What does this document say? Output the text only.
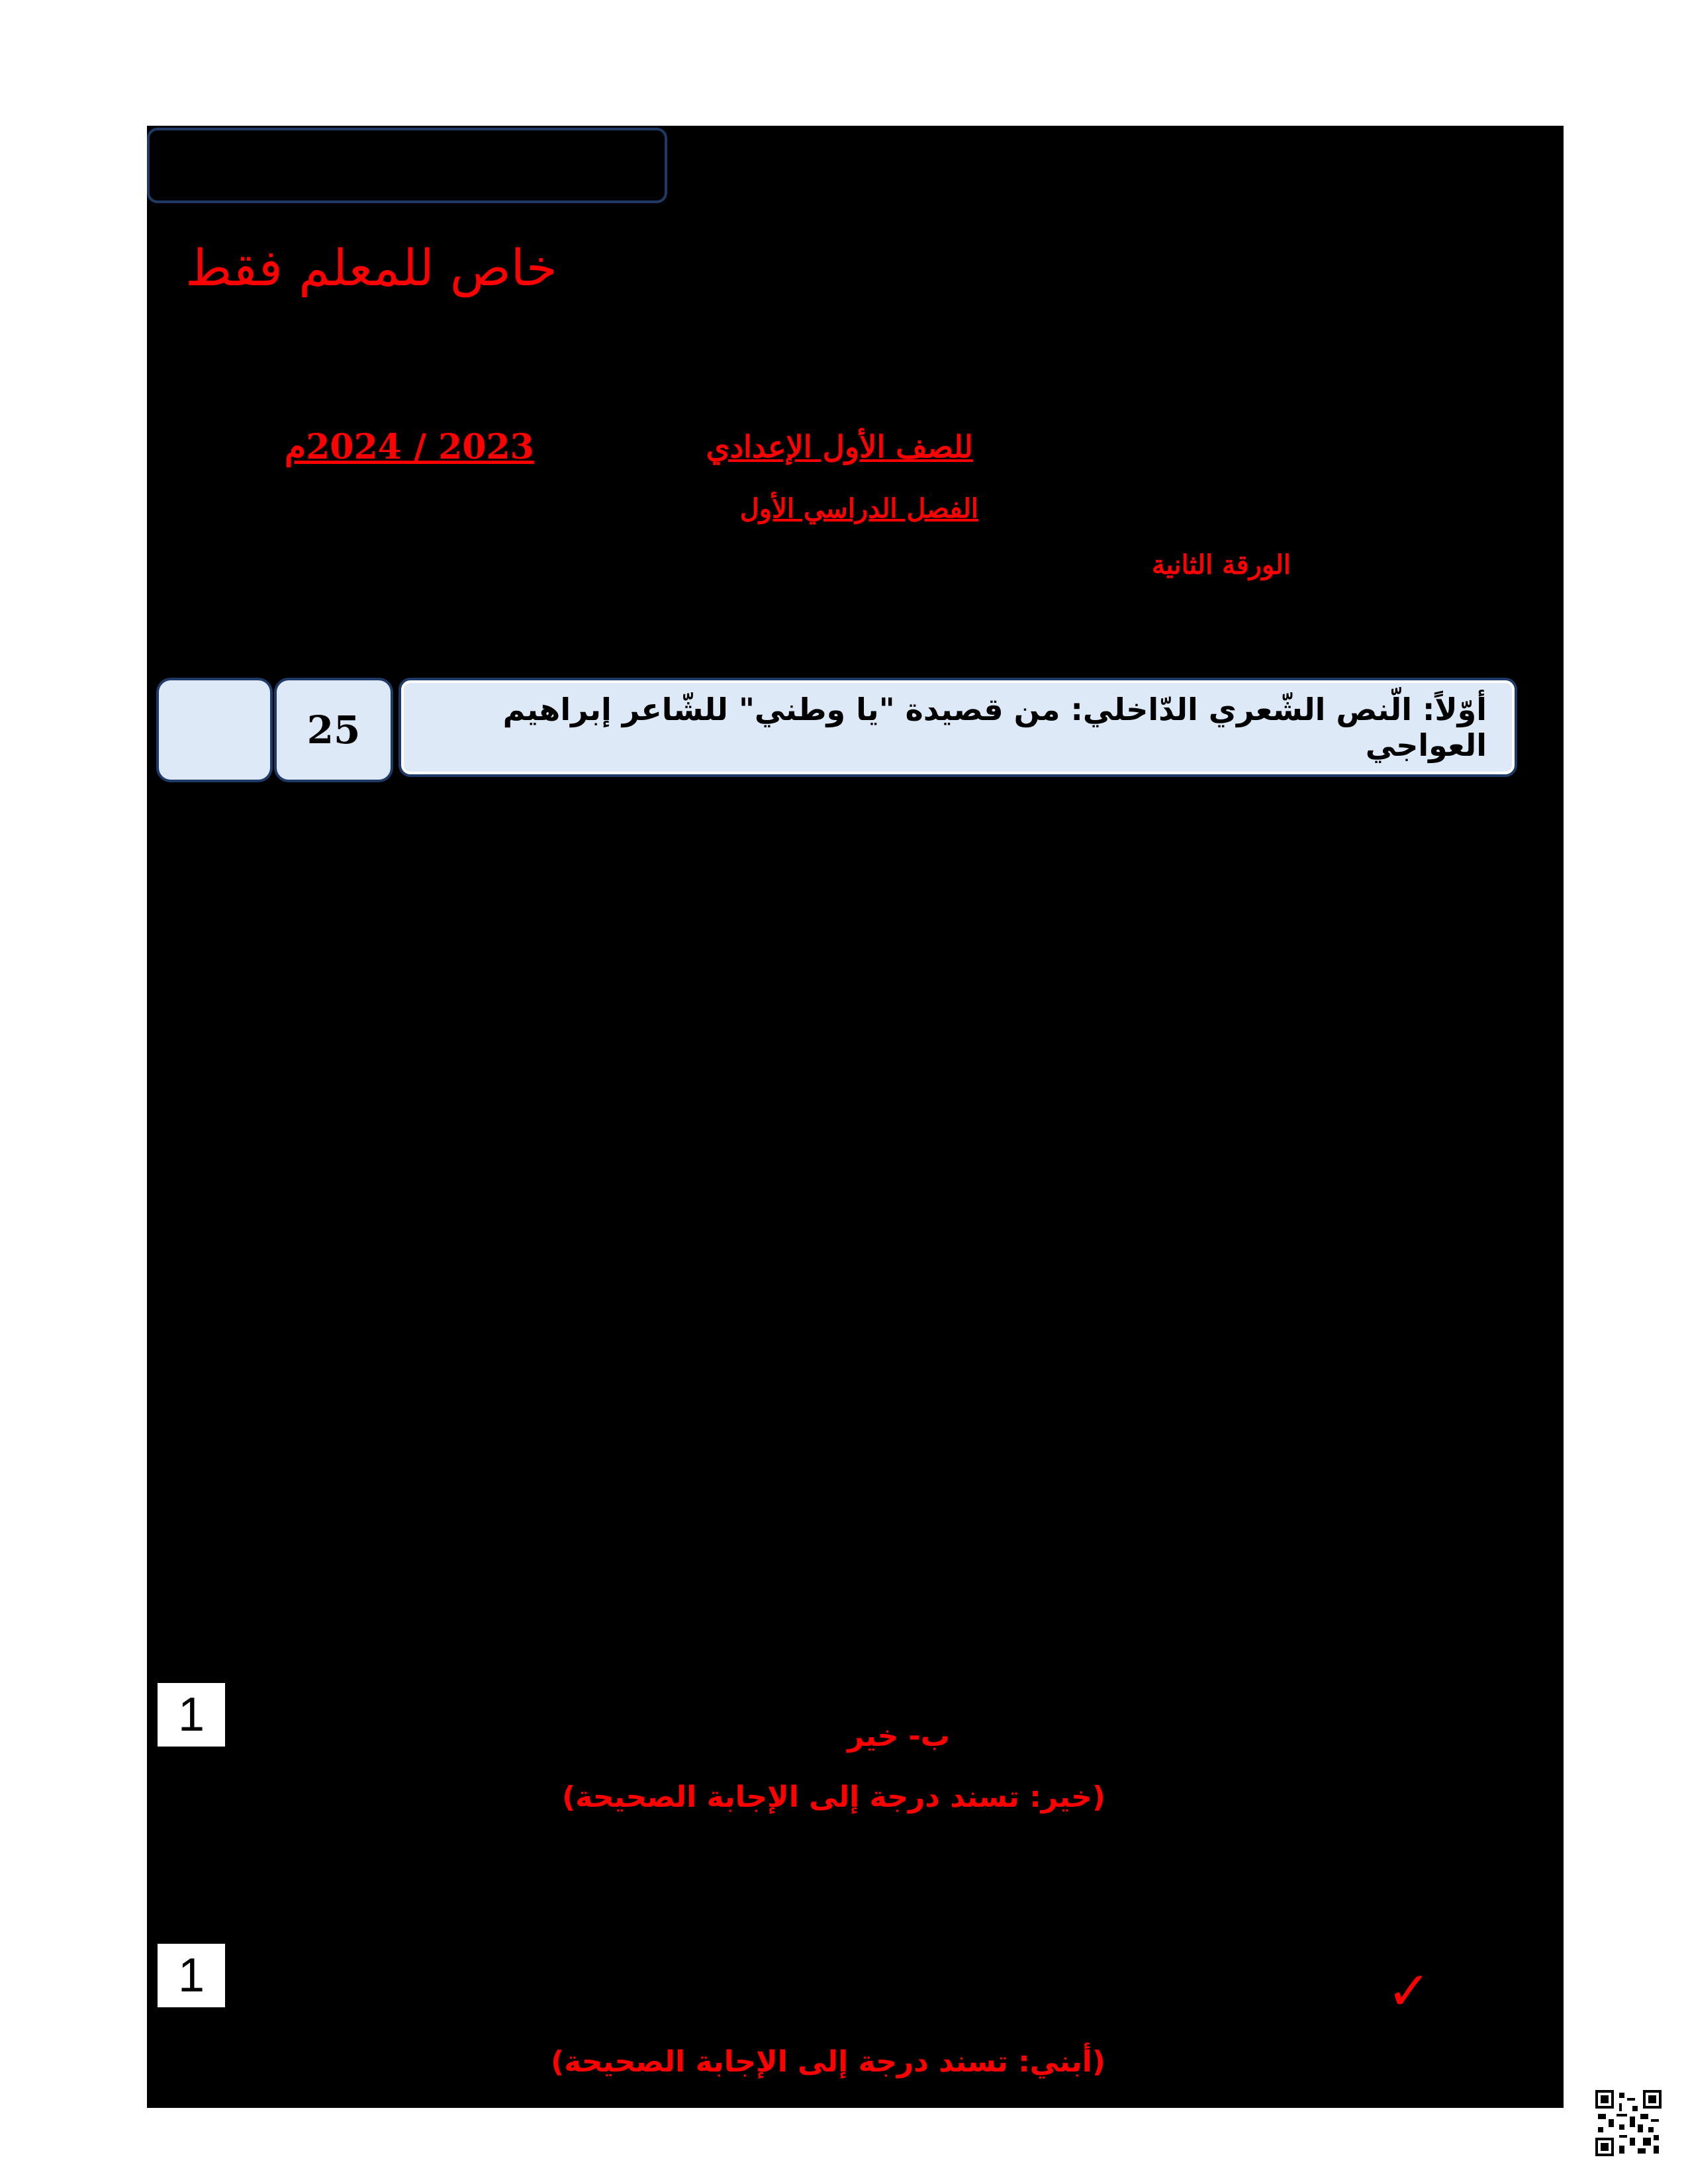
خاص للمعلم فقط
2023 / 2024م	للصف الأول الإعدادي
الفصل الدراسي الأول
الورقة الثانية
25	أوّلاً: الّنص الشّعري الدّاخلي: من قصيدة "يا وطني" للشّاعر إبراهيم العواجي
1	ب- خير
(خير: تسند درجة إلى الإجابة الصحيحة)
1	✓
(أبني: تسند درجة إلى الإجابة الصحيحة)
